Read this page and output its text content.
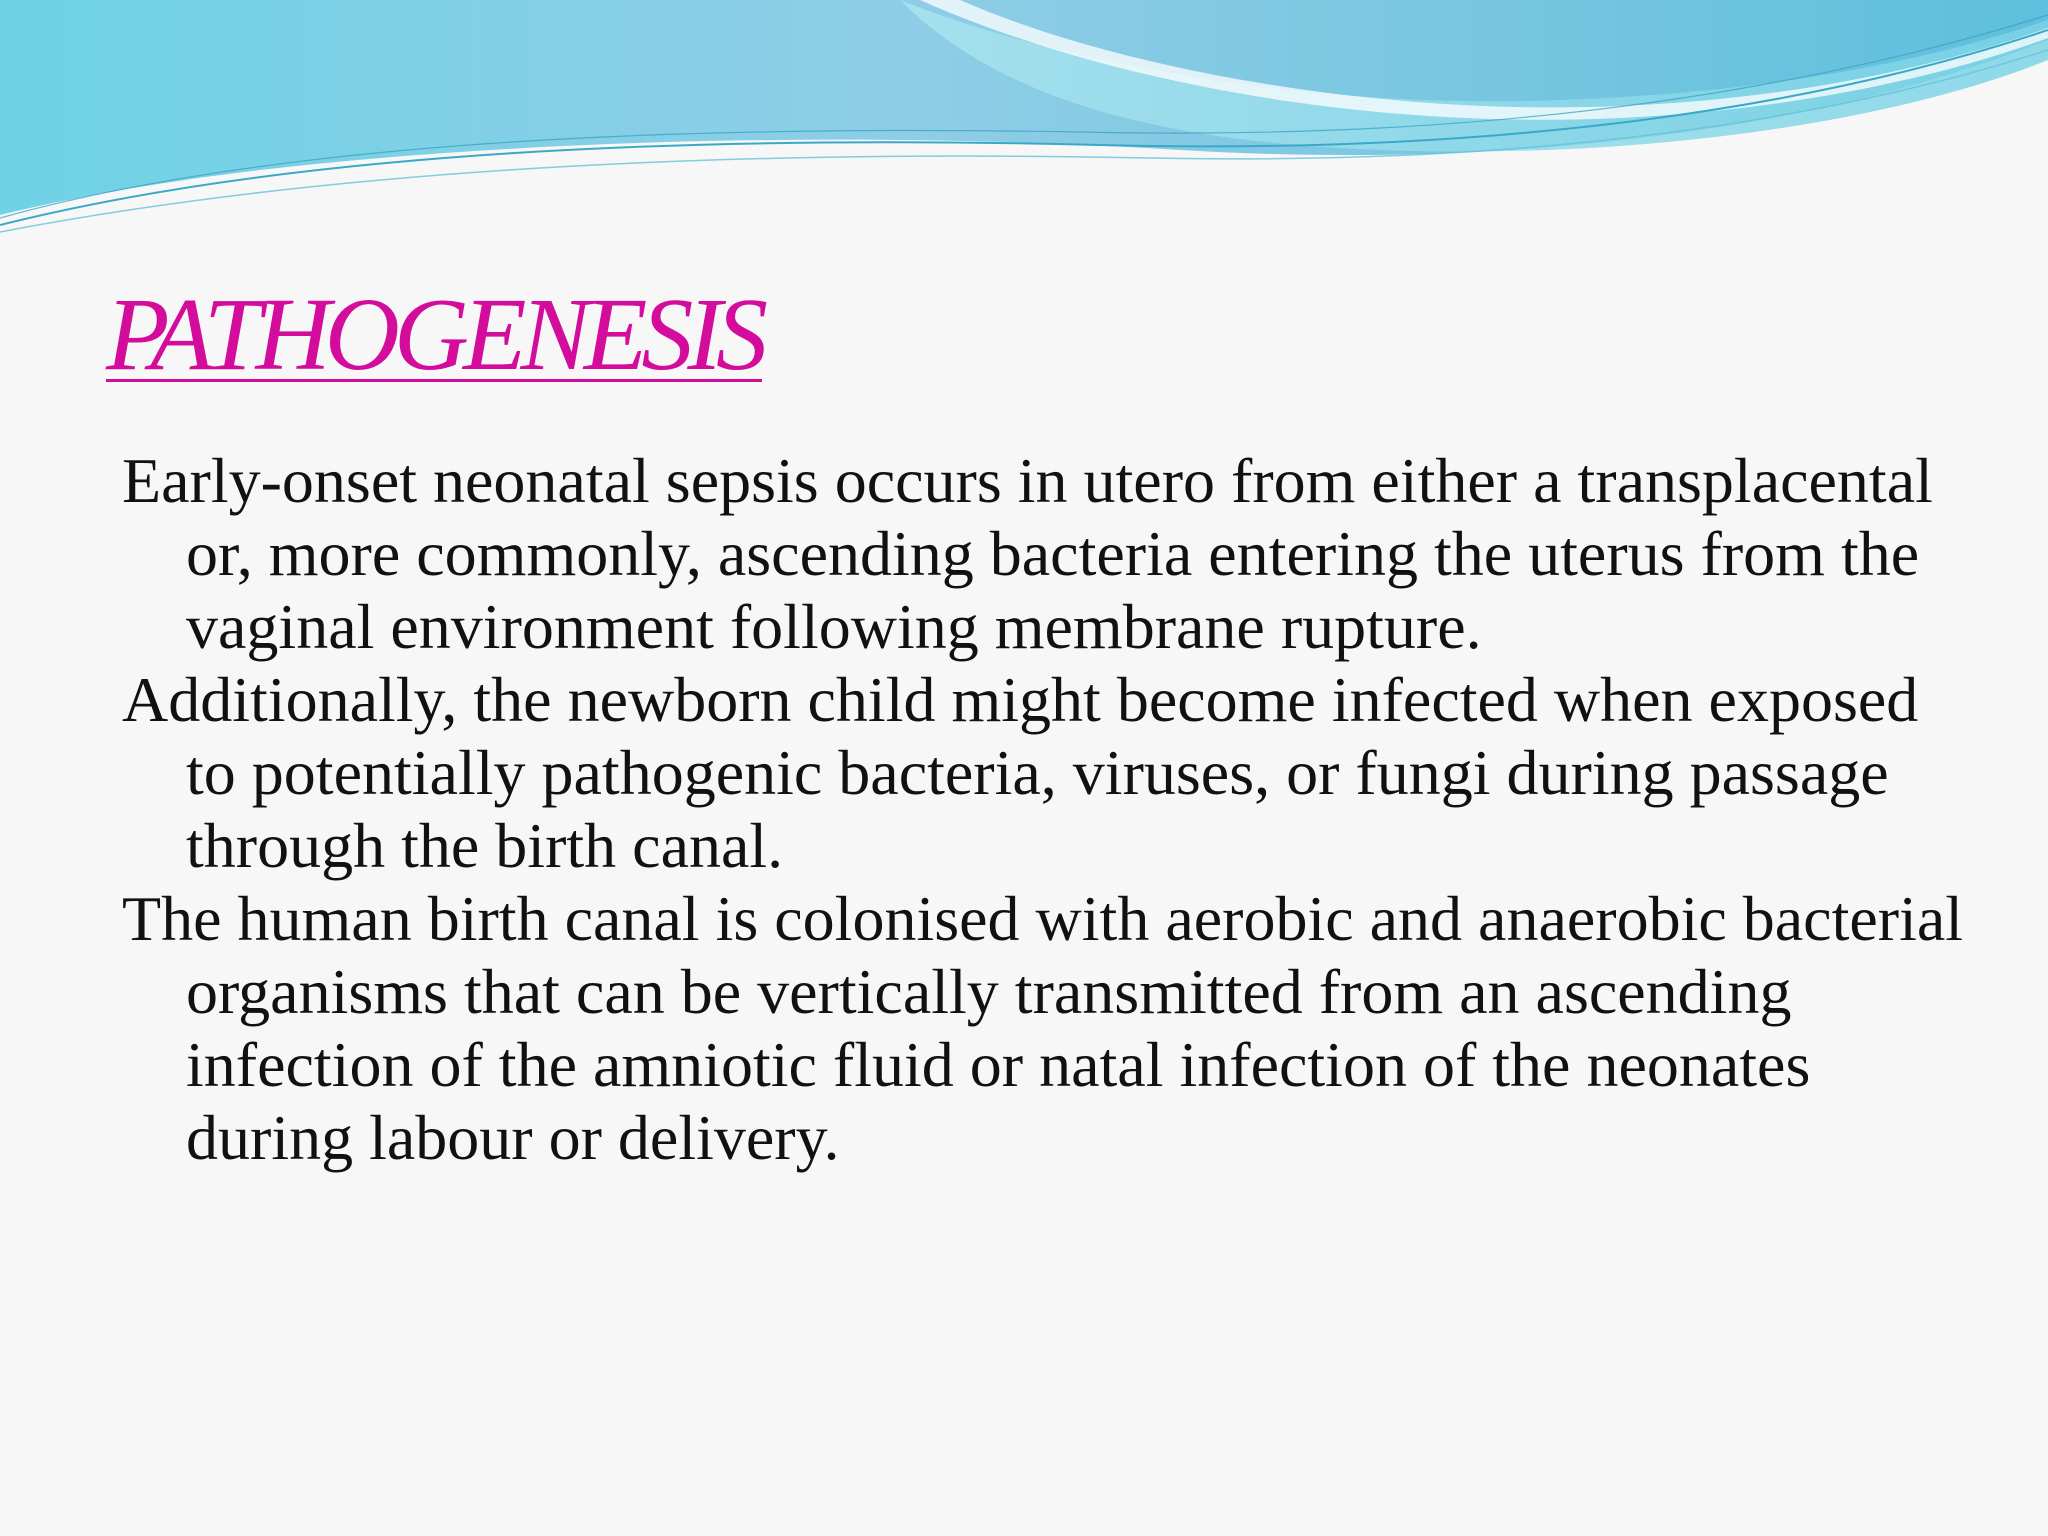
PATHOGENESIS
Early-onset neonatal sepsis occurs in utero from either a transplacental or, more commonly, ascending bacteria entering the uterus from the vaginal environment following membrane rupture.
Additionally, the newborn child might become infected when exposed to potentially pathogenic bacteria, viruses, or fungi during passage through the birth canal.
The human birth canal is colonised with aerobic and anaerobic bacterial organisms that can be vertically transmitted from an ascending infection of the amniotic fluid or natal infection of the neonates during labour or delivery.
